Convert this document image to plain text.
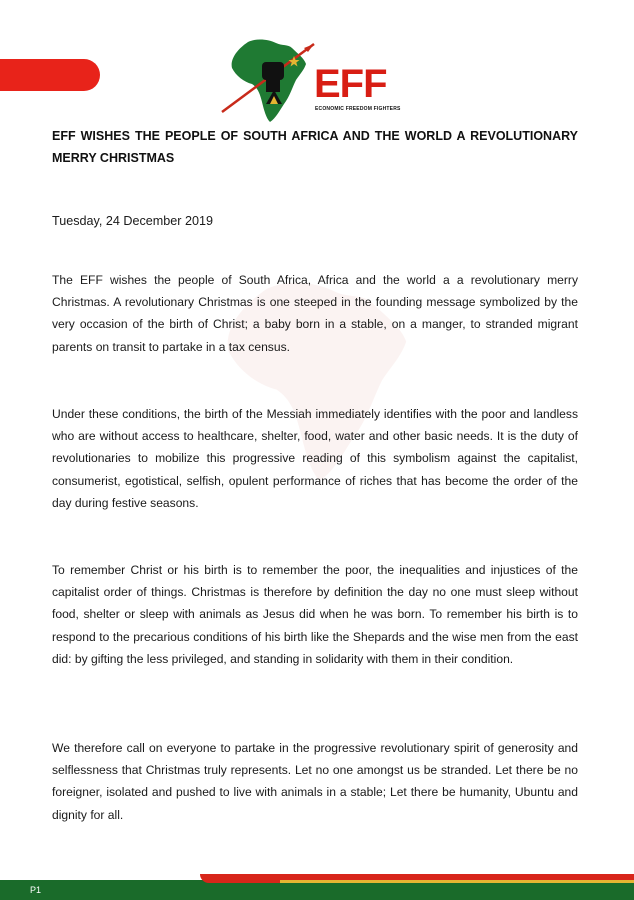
EFF
ECONOMIC FREEDOM FIGHTERS

EFF WISHES THE PEOPLE OF SOUTH AFRICA AND THE WORLD A REVOLUTIONARY MERRY CHRISTMAS

Tuesday, 24 December 2019

The EFF wishes the people of South Africa, Africa and the world a a revolutionary merry Christmas. A revolutionary Christmas is one steeped in the founding message symbolized by the very occasion of the birth of Christ; a baby born in a stable, on a manger, to stranded migrant parents on transit to partake in a tax census.

Under these conditions, the birth of the Messiah immediately identifies with the poor and landless who are without access to healthcare, shelter, food, water and other basic needs. It is the duty of revolutionaries to mobilize this progressive reading of this symbolism against the capitalist, consumerist, egotistical, selfish, opulent performance of riches that has become the order of the day during festive seasons.

To remember Christ or his birth is to remember the poor, the inequalities and injustices of the capitalist order of things. Christmas is therefore by definition the day no one must sleep without food, shelter or sleep with animals as Jesus did when he was born. To remember his birth is to respond to the precarious conditions of his birth like the Shepards and the wise men from the east did: by gifting the less privileged, and standing in solidarity with them in their condition.

We therefore call on everyone to partake in the progressive revolutionary spirit of generosity and selflessness that Christmas truly represents. Let no one amongst us be stranded. Let there be no foreigner, isolated and pushed to live with animals in a stable; Let there be humanity, Ubuntu and dignity for all.

P1
